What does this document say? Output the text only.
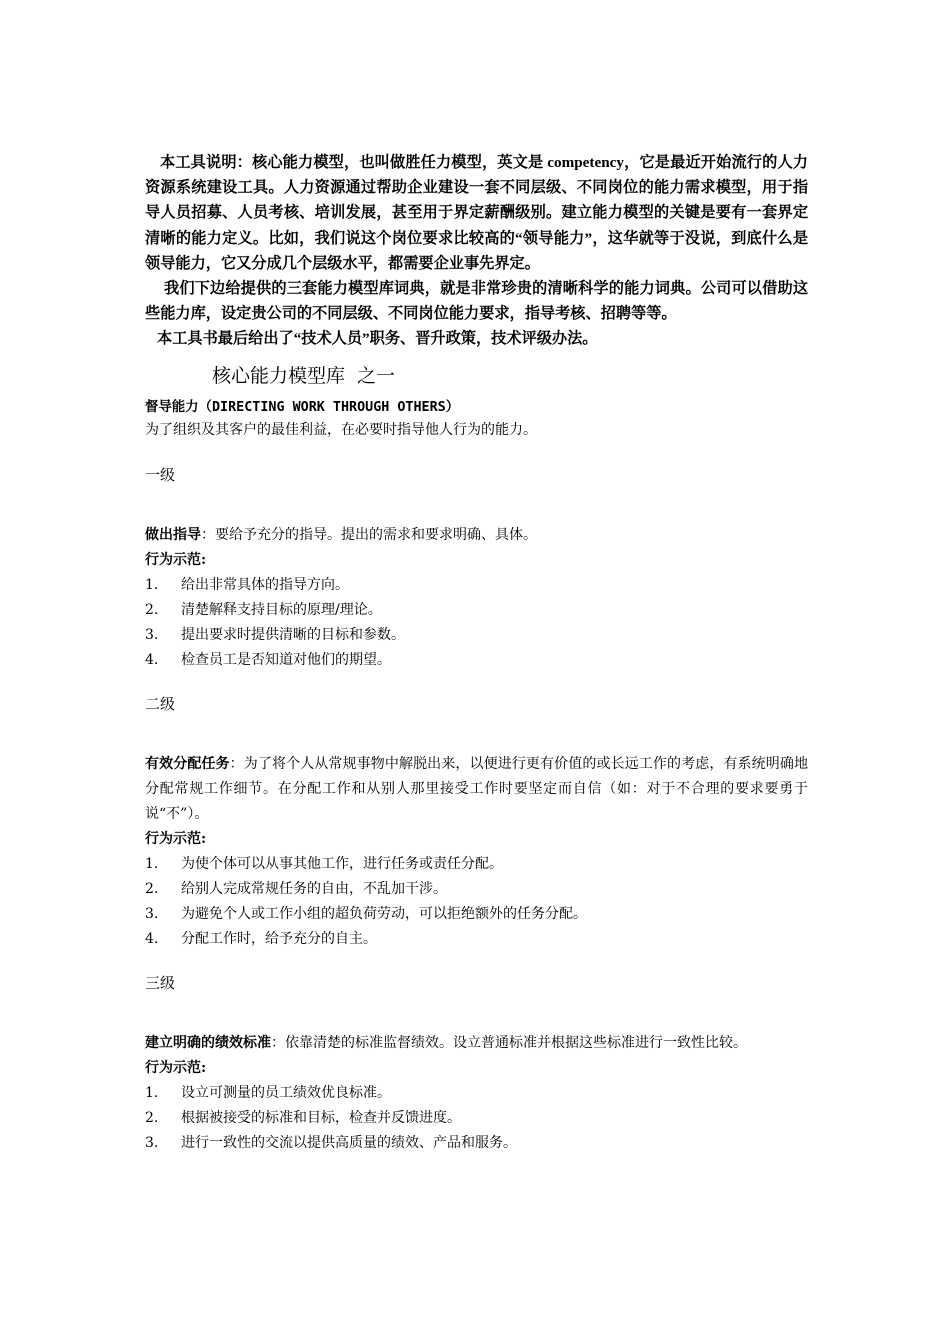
本工具说明：核心能力模型，也叫做胜任力模型，英文是 competency，它是最近开始流行的人力资源系统建设工具。人力资源通过帮助企业建设一套不同层级、不同岗位的能力需求模型，用于指导人员招募、人员考核、培训发展，甚至用于界定薪酬级别。建立能力模型的关键是要有一套界定清晰的能力定义。比如，我们说这个岗位要求比较高的“领导能力”，这华就等于没说，到底什么是领导能力，它又分成几个层级水平，都需要企业事先界定。

我们下边给提供的三套能力模型库词典，就是非常珍贵的清晰科学的能力词典。公司可以借助这些能力库，设定贵公司的不同层级、不同岗位能力要求，指导考核、招聘等等。

本工具书最后给出了“技术人员”职务、晋升政策，技术评级办法。

核心能力模型库	之一

督导能力（DIRECTING WORK THROUGH OTHERS）

为了组织及其客户的最佳利益，在必要时指导他人行为的能力。

一级

做出指导：要给予充分的指导。提出的需求和要求明确、具体。

行为示范:

1.	给出非常具体的指导方向。
2.	清楚解释支持目标的原理/理论。
3.	提出要求时提供清晰的目标和参数。
4.	检查员工是否知道对他们的期望。

二级

有效分配任务：为了将个人从常规事物中解脱出来，以便进行更有价值的或长远工作的考虑，有系统明确地分配常规工作细节。在分配工作和从别人那里接受工作时要坚定而自信（如：对于不合理的要求要勇于说“不”）。

行为示范:

1.	为使个体可以从事其他工作，进行任务或责任分配。
2.	给别人完成常规任务的自由，不乱加干涉。
3.	为避免个人或工作小组的超负荷劳动，可以拒绝额外的任务分配。
4.	分配工作时，给予充分的自主。

三级

建立明确的绩效标准：依靠清楚的标准监督绩效。设立普通标准并根据这些标准进行一致性比较。

行为示范:

1.	设立可测量的员工绩效优良标准。
2.	根据被接受的标准和目标，检查并反馈进度。
3.	进行一致性的交流以提供高质量的绩效、产品和服务。
